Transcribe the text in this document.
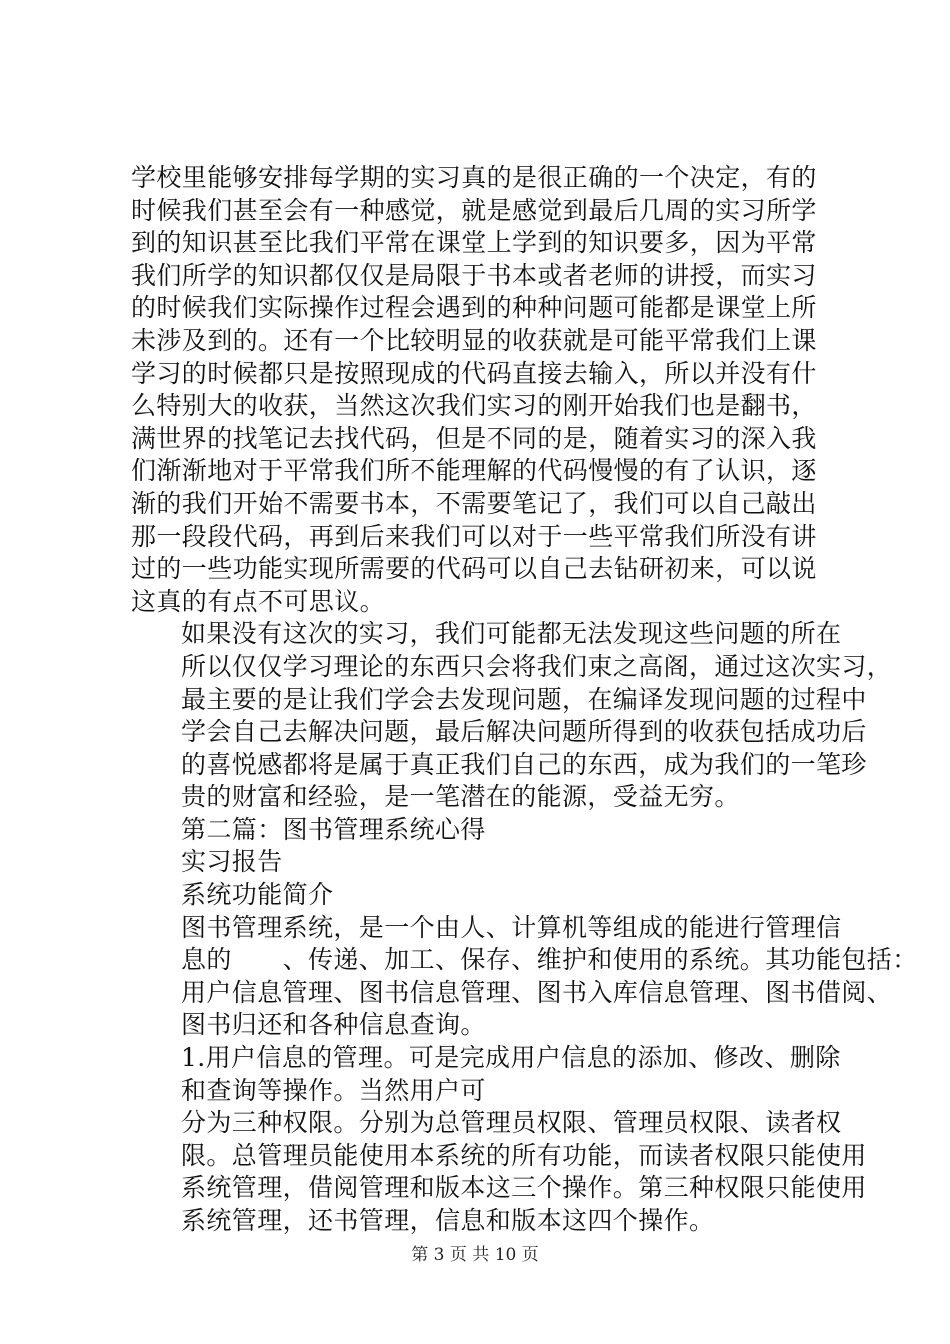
学校里能够安排每学期的实习真的是很正确的一个决定，有的
时候我们甚至会有一种感觉，就是感觉到最后几周的实习所学
到的知识甚至比我们平常在课堂上学到的知识要多，因为平常
我们所学的知识都仅仅是局限于书本或者老师的讲授，而实习
的时候我们实际操作过程会遇到的种种问题可能都是课堂上所
未涉及到的。还有一个比较明显的收获就是可能平常我们上课
学习的时候都只是按照现成的代码直接去输入，所以并没有什
么特别大的收获，当然这次我们实习的刚开始我们也是翻书，
满世界的找笔记去找代码，但是不同的是，随着实习的深入我
们渐渐地对于平常我们所不能理解的代码慢慢的有了认识，逐
渐的我们开始不需要书本，不需要笔记了，我们可以自己敲出
那一段段代码，再到后来我们可以对于一些平常我们所没有讲
过的一些功能实现所需要的代码可以自己去钻研初来，可以说
这真的有点不可思议。

如果没有这次的实习，我们可能都无法发现这些问题的所在
所以仅仅学习理论的东西只会将我们束之高阁，通过这次实习，
最主要的是让我们学会去发现问题，在编译发现问题的过程中
学会自己去解决问题，最后解决问题所得到的收获包括成功后
的喜悦感都将是属于真正我们自己的东西，成为我们的一笔珍
贵的财富和经验，是一笔潜在的能源，受益无穷。

第二篇：图书管理系统心得

实习报告

系统功能简介

图书管理系统，是一个由人、计算机等组成的能进行管理信
息的　　、传递、加工、保存、维护和使用的系统。其功能包括：
用户信息管理、图书信息管理、图书入库信息管理、图书借阅、
图书归还和各种信息查询。

1.用户信息的管理。可是完成用户信息的添加、修改、删除
和查询等操作。当然用户可

分为三种权限。分别为总管理员权限、管理员权限、读者权
限。总管理员能使用本系统的所有功能，而读者权限只能使用
系统管理，借阅管理和版本这三个操作。第三种权限只能使用
系统管理，还书管理，信息和版本这四个操作。

第 3 页 共 10 页
